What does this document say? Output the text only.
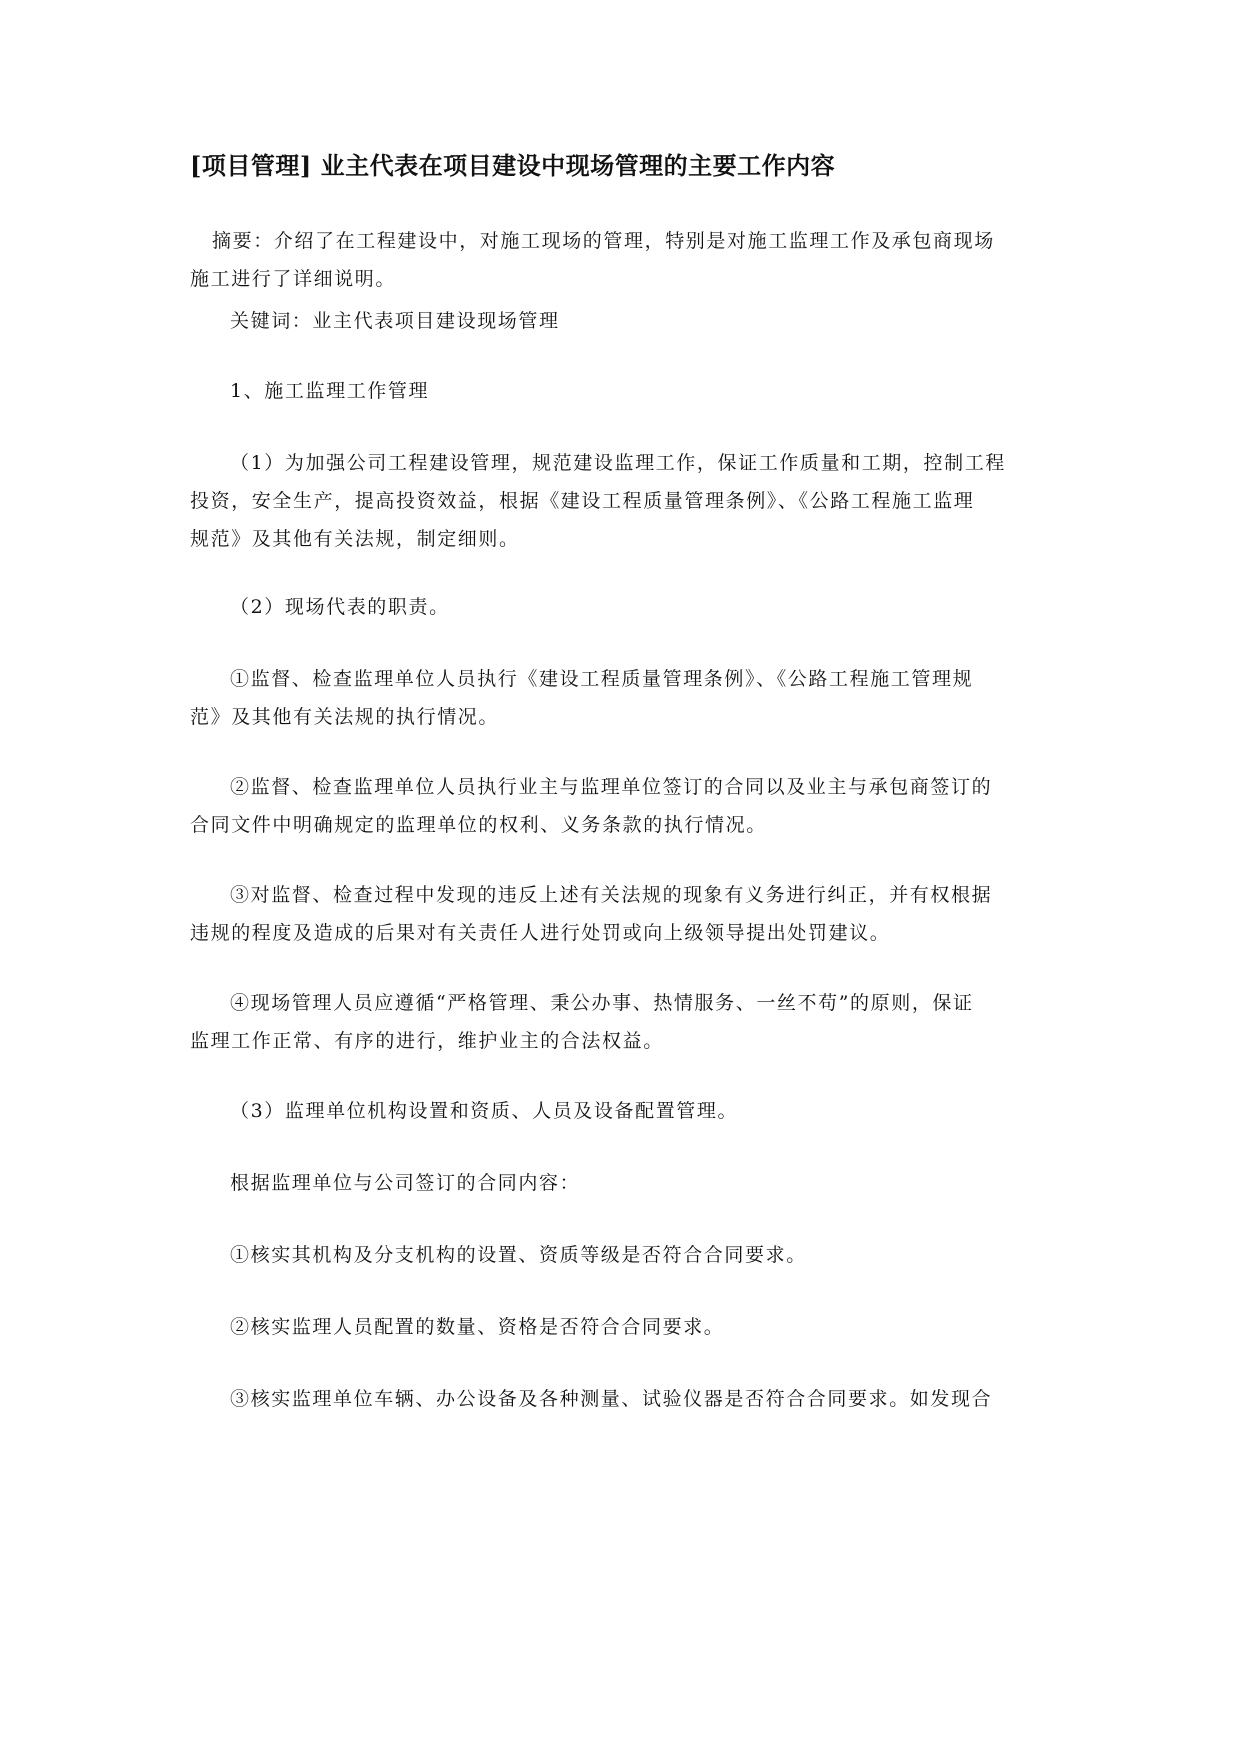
[项目管理] 业主代表在项目建设中现场管理的主要工作内容

摘要：介绍了在工程建设中，对施工现场的管理，特别是对施工监理工作及承包商现场
施工进行了详细说明。

关键词：业主代表项目建设现场管理

1、施工监理工作管理

（1）为加强公司工程建设管理，规范建设监理工作，保证工作质量和工期，控制工程
投资，安全生产，提高投资效益，根据《建设工程质量管理条例》、《公路工程施工监理
规范》及其他有关法规，制定细则。

（2）现场代表的职责。

①监督、检查监理单位人员执行《建设工程质量管理条例》、《公路工程施工管理规
范》及其他有关法规的执行情况。

②监督、检查监理单位人员执行业主与监理单位签订的合同以及业主与承包商签订的
合同文件中明确规定的监理单位的权利、义务条款的执行情况。

③对监督、检查过程中发现的违反上述有关法规的现象有义务进行纠正，并有权根据
违规的程度及造成的后果对有关责任人进行处罚或向上级领导提出处罚建议。

④现场管理人员应遵循“严格管理、秉公办事、热情服务、一丝不苟”的原则，保证
监理工作正常、有序的进行，维护业主的合法权益。

（3）监理单位机构设置和资质、人员及设备配置管理。

根据监理单位与公司签订的合同内容：

①核实其机构及分支机构的设置、资质等级是否符合合同要求。

②核实监理人员配置的数量、资格是否符合合同要求。

③核实监理单位车辆、办公设备及各种测量、试验仪器是否符合合同要求。如发现合
